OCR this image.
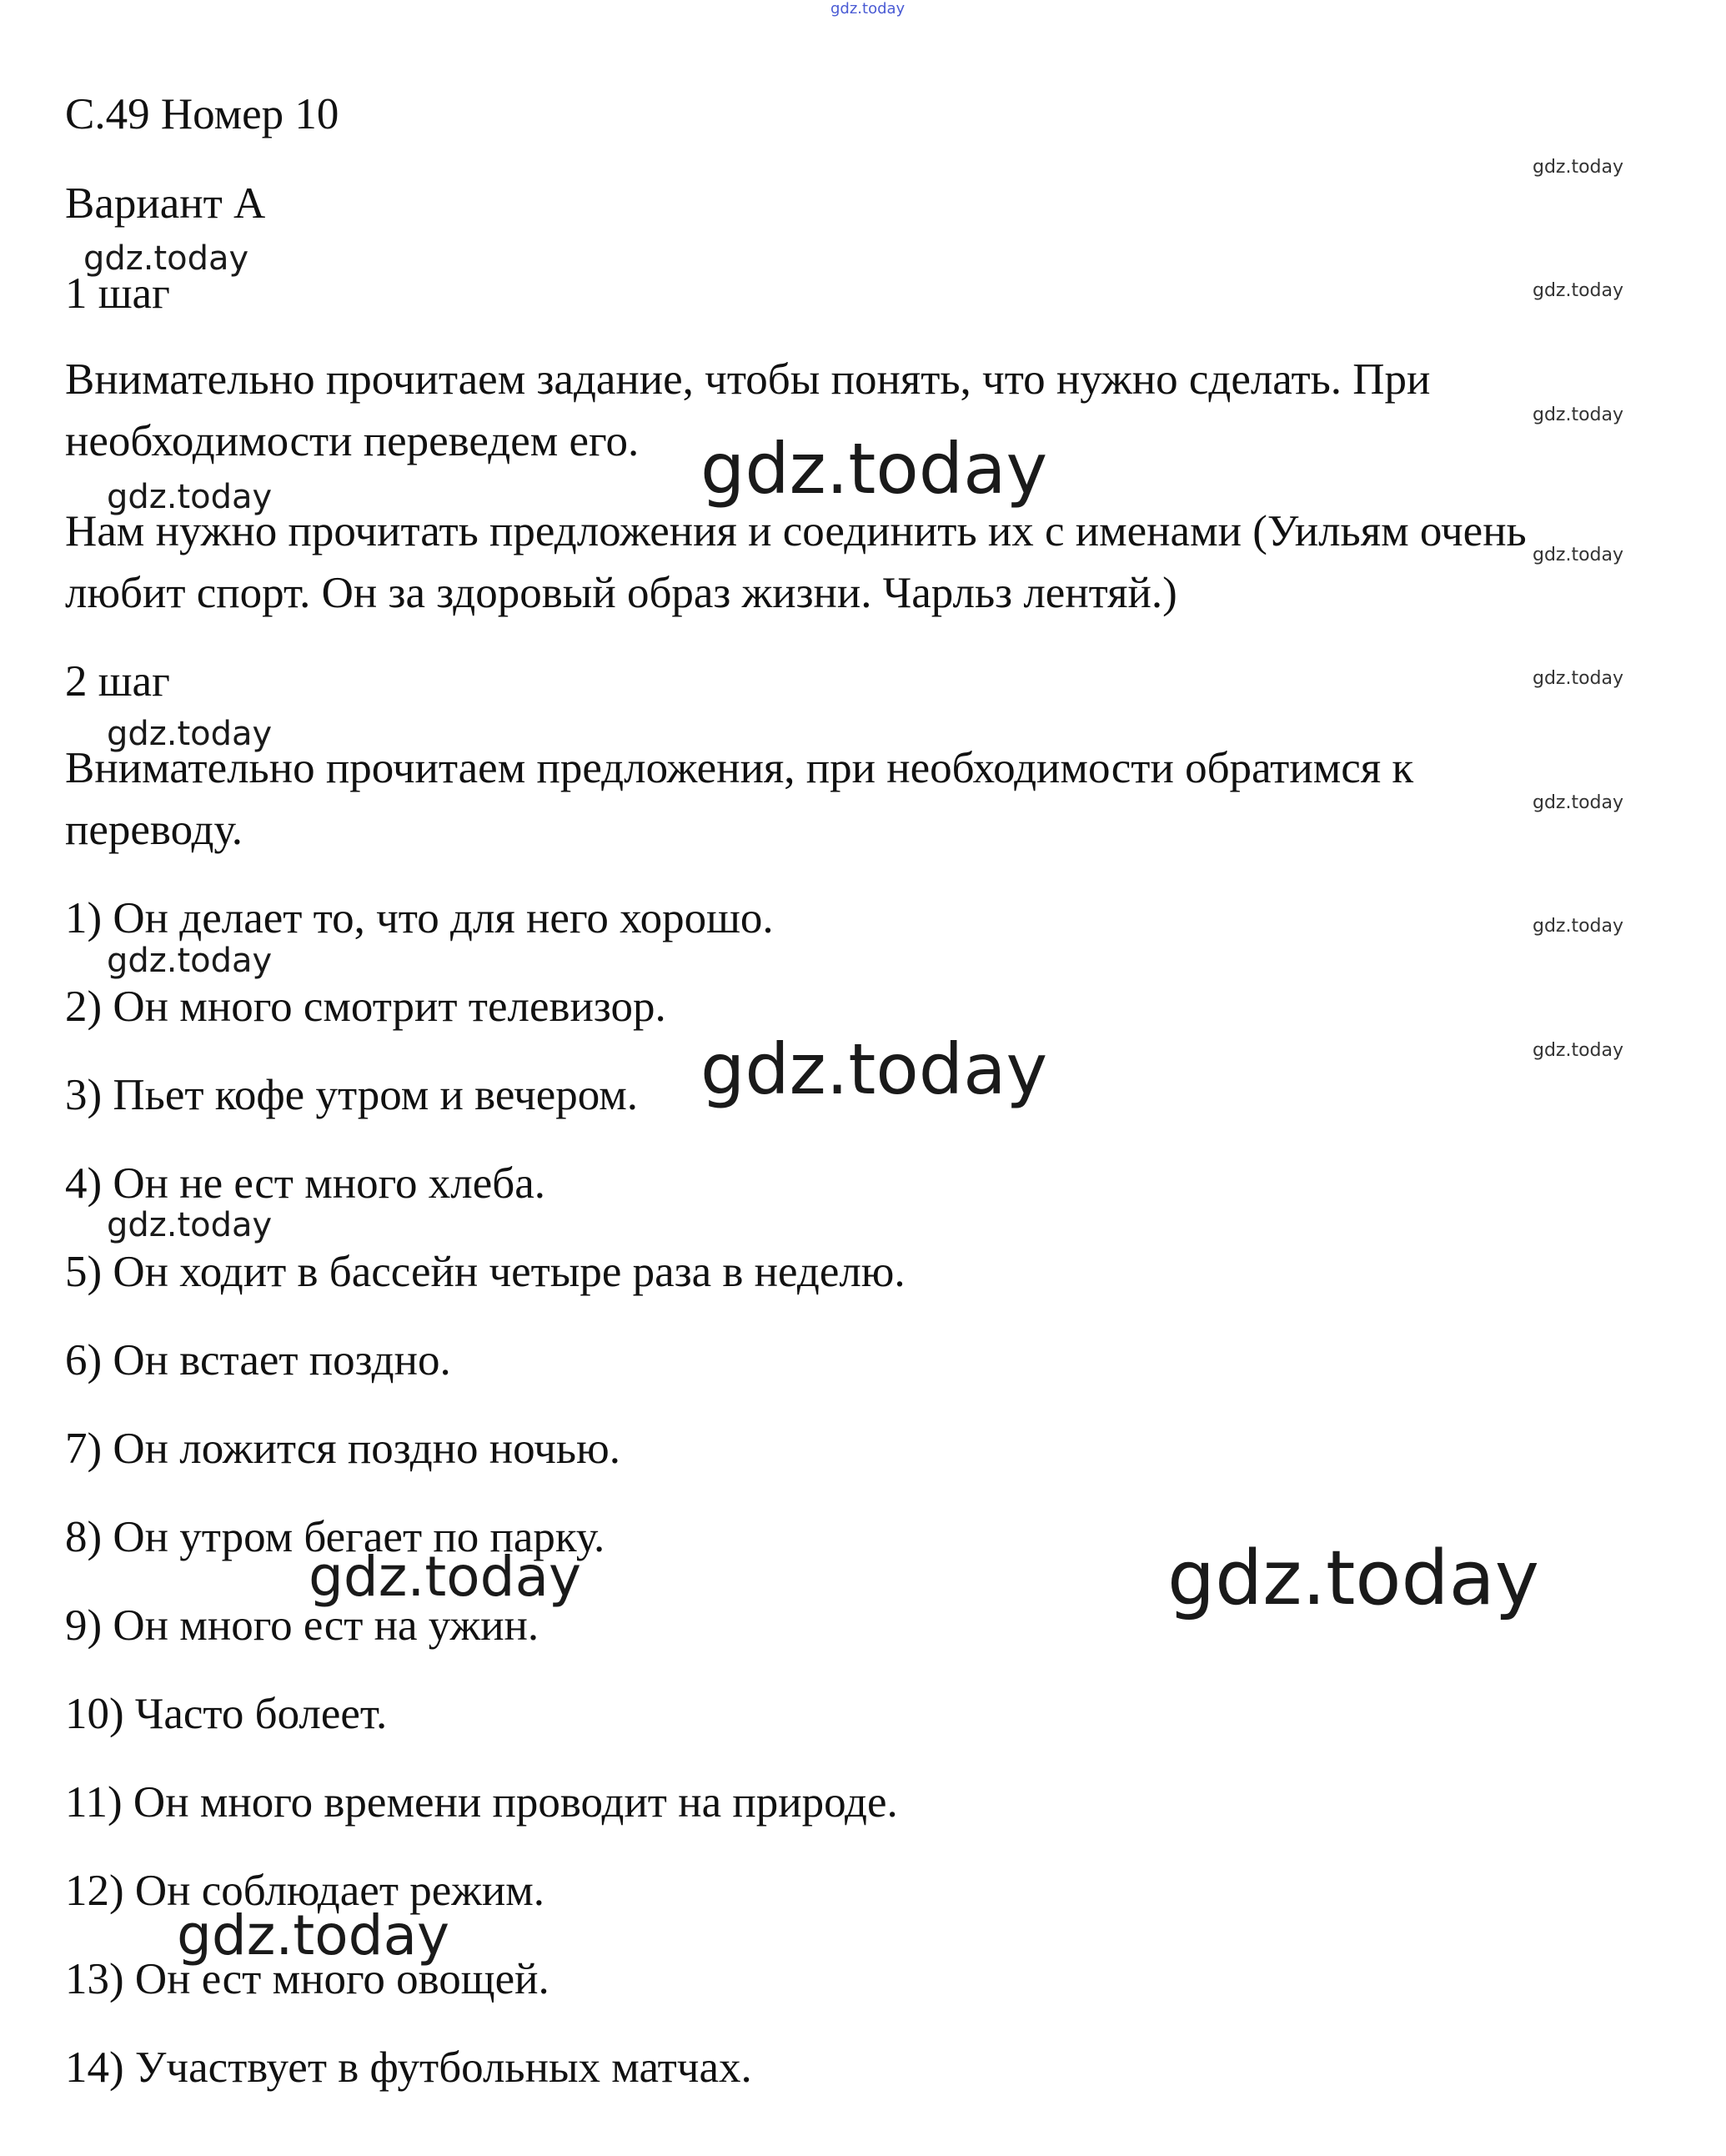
С.49 Номер 10
Вариант А
1 шаг

Внимательно прочитаем задание, чтобы понять, что нужно сделать. При

необходимости переведем его.

Нам нужно прочитать предложения и соединить их с именами (Уильям очень

любит спорт. Он за здоровый образ жизни. Чарльз лентяй.)

2 шаг

Внимательно прочитаем предложения, при необходимости обратимся к

переводу.

1) Он делает то, что для него хорошо.

2) Он много смотрит телевизор.

3) Пьет кофе утром и вечером.

4) Он не ест много хлеба.

5) Он ходит в бассейн четыре раза в неделю.

6) Он встает поздно.

7) Он ложится поздно ночью.

8) Он утром бегает по парку.

9) Он много ест на ужин.

10) Часто болеет.

11) Он много времени проводит на природе.

12) Он соблюдает режим.

13) Он ест много овощей.

14) Участвует в футбольных матчах.

gdz.today
gdz.today
gdz.today
gdz.today
gdz.today
gdz.today
gdz.today
gdz.today
gdz.today
gdz.today
gdz.today
gdz.today
gdz.today
gdz.today
gdz.today
gdz.today
gdz.today
gdz.today
gdz.today
